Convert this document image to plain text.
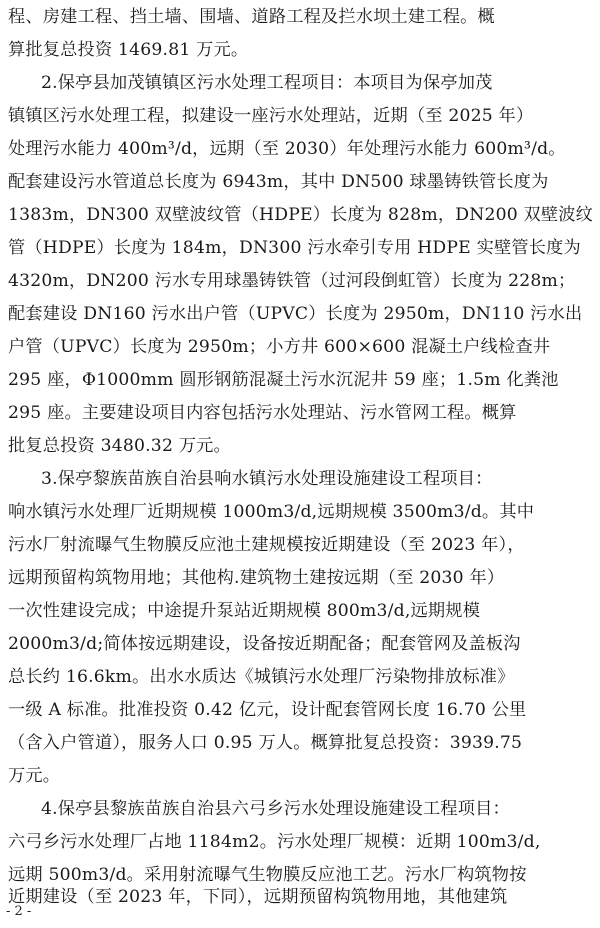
程、房建工程、挡土墙、围墙、道路工程及拦水坝土建工程。概
算批复总投资 1469.81 万元。
2.保亭县加茂镇镇区污水处理工程项目：本项目为保亭加茂
镇镇区污水处理工程，拟建设一座污水处理站，近期（至 2025 年）
处理污水能力 400m³/d，远期（至 2030）年处理污水能力 600m³/d。
配套建设污水管道总长度为 6943m，其中 DN500 球墨铸铁管长度为
1383m，DN300 双壁波纹管（HDPE）长度为 828m，DN200 双壁波纹
管（HDPE）长度为 184m，DN300 污水牵引专用 HDPE 实壁管长度为
4320m，DN200 污水专用球墨铸铁管（过河段倒虹管）长度为 228m；
配套建设 DN160 污水出户管（UPVC）长度为 2950m，DN110 污水出
户管（UPVC）长度为 2950m；小方井 600×600 混凝土户线检查井
295 座，Φ1000mm 圆形钢筋混凝土污水沉泥井 59 座；1.5m 化粪池
295 座。主要建设项目内容包括污水处理站、污水管网工程。概算
批复总投资 3480.32 万元。
3.保亭黎族苗族自治县响水镇污水处理设施建设工程项目：
响水镇污水处理厂近期规模 1000m3/d,远期规模 3500m3/d。其中
污水厂射流曝气生物膜反应池土建规模按近期建设（至 2023 年），
远期预留构筑物用地；其他构.建筑物土建按远期（至 2030 年）
一次性建设完成；中途提升泵站近期规模 800m3/d,远期规模
2000m3/d;简体按远期建设，设备按近期配备；配套管网及盖板沟
总长约 16.6km。出水水质达《城镇污水处理厂污染物排放标准》
一级 A 标准。批准投资 0.42 亿元，设计配套管网长度 16.70 公里
（含入户管道），服务人口 0.95 万人。概算批复总投资：3939.75
万元。
4.保亭县黎族苗族自治县六弓乡污水处理设施建设工程项目：
六弓乡污水处理厂占地 1184m2。污水处理厂规模：近期 100m3/d,
远期 500m3/d。采用射流曝气生物膜反应池工艺。污水厂构筑物按
近期建设（至 2023 年，下同），远期预留构筑物用地，其他建筑
- 2 -
